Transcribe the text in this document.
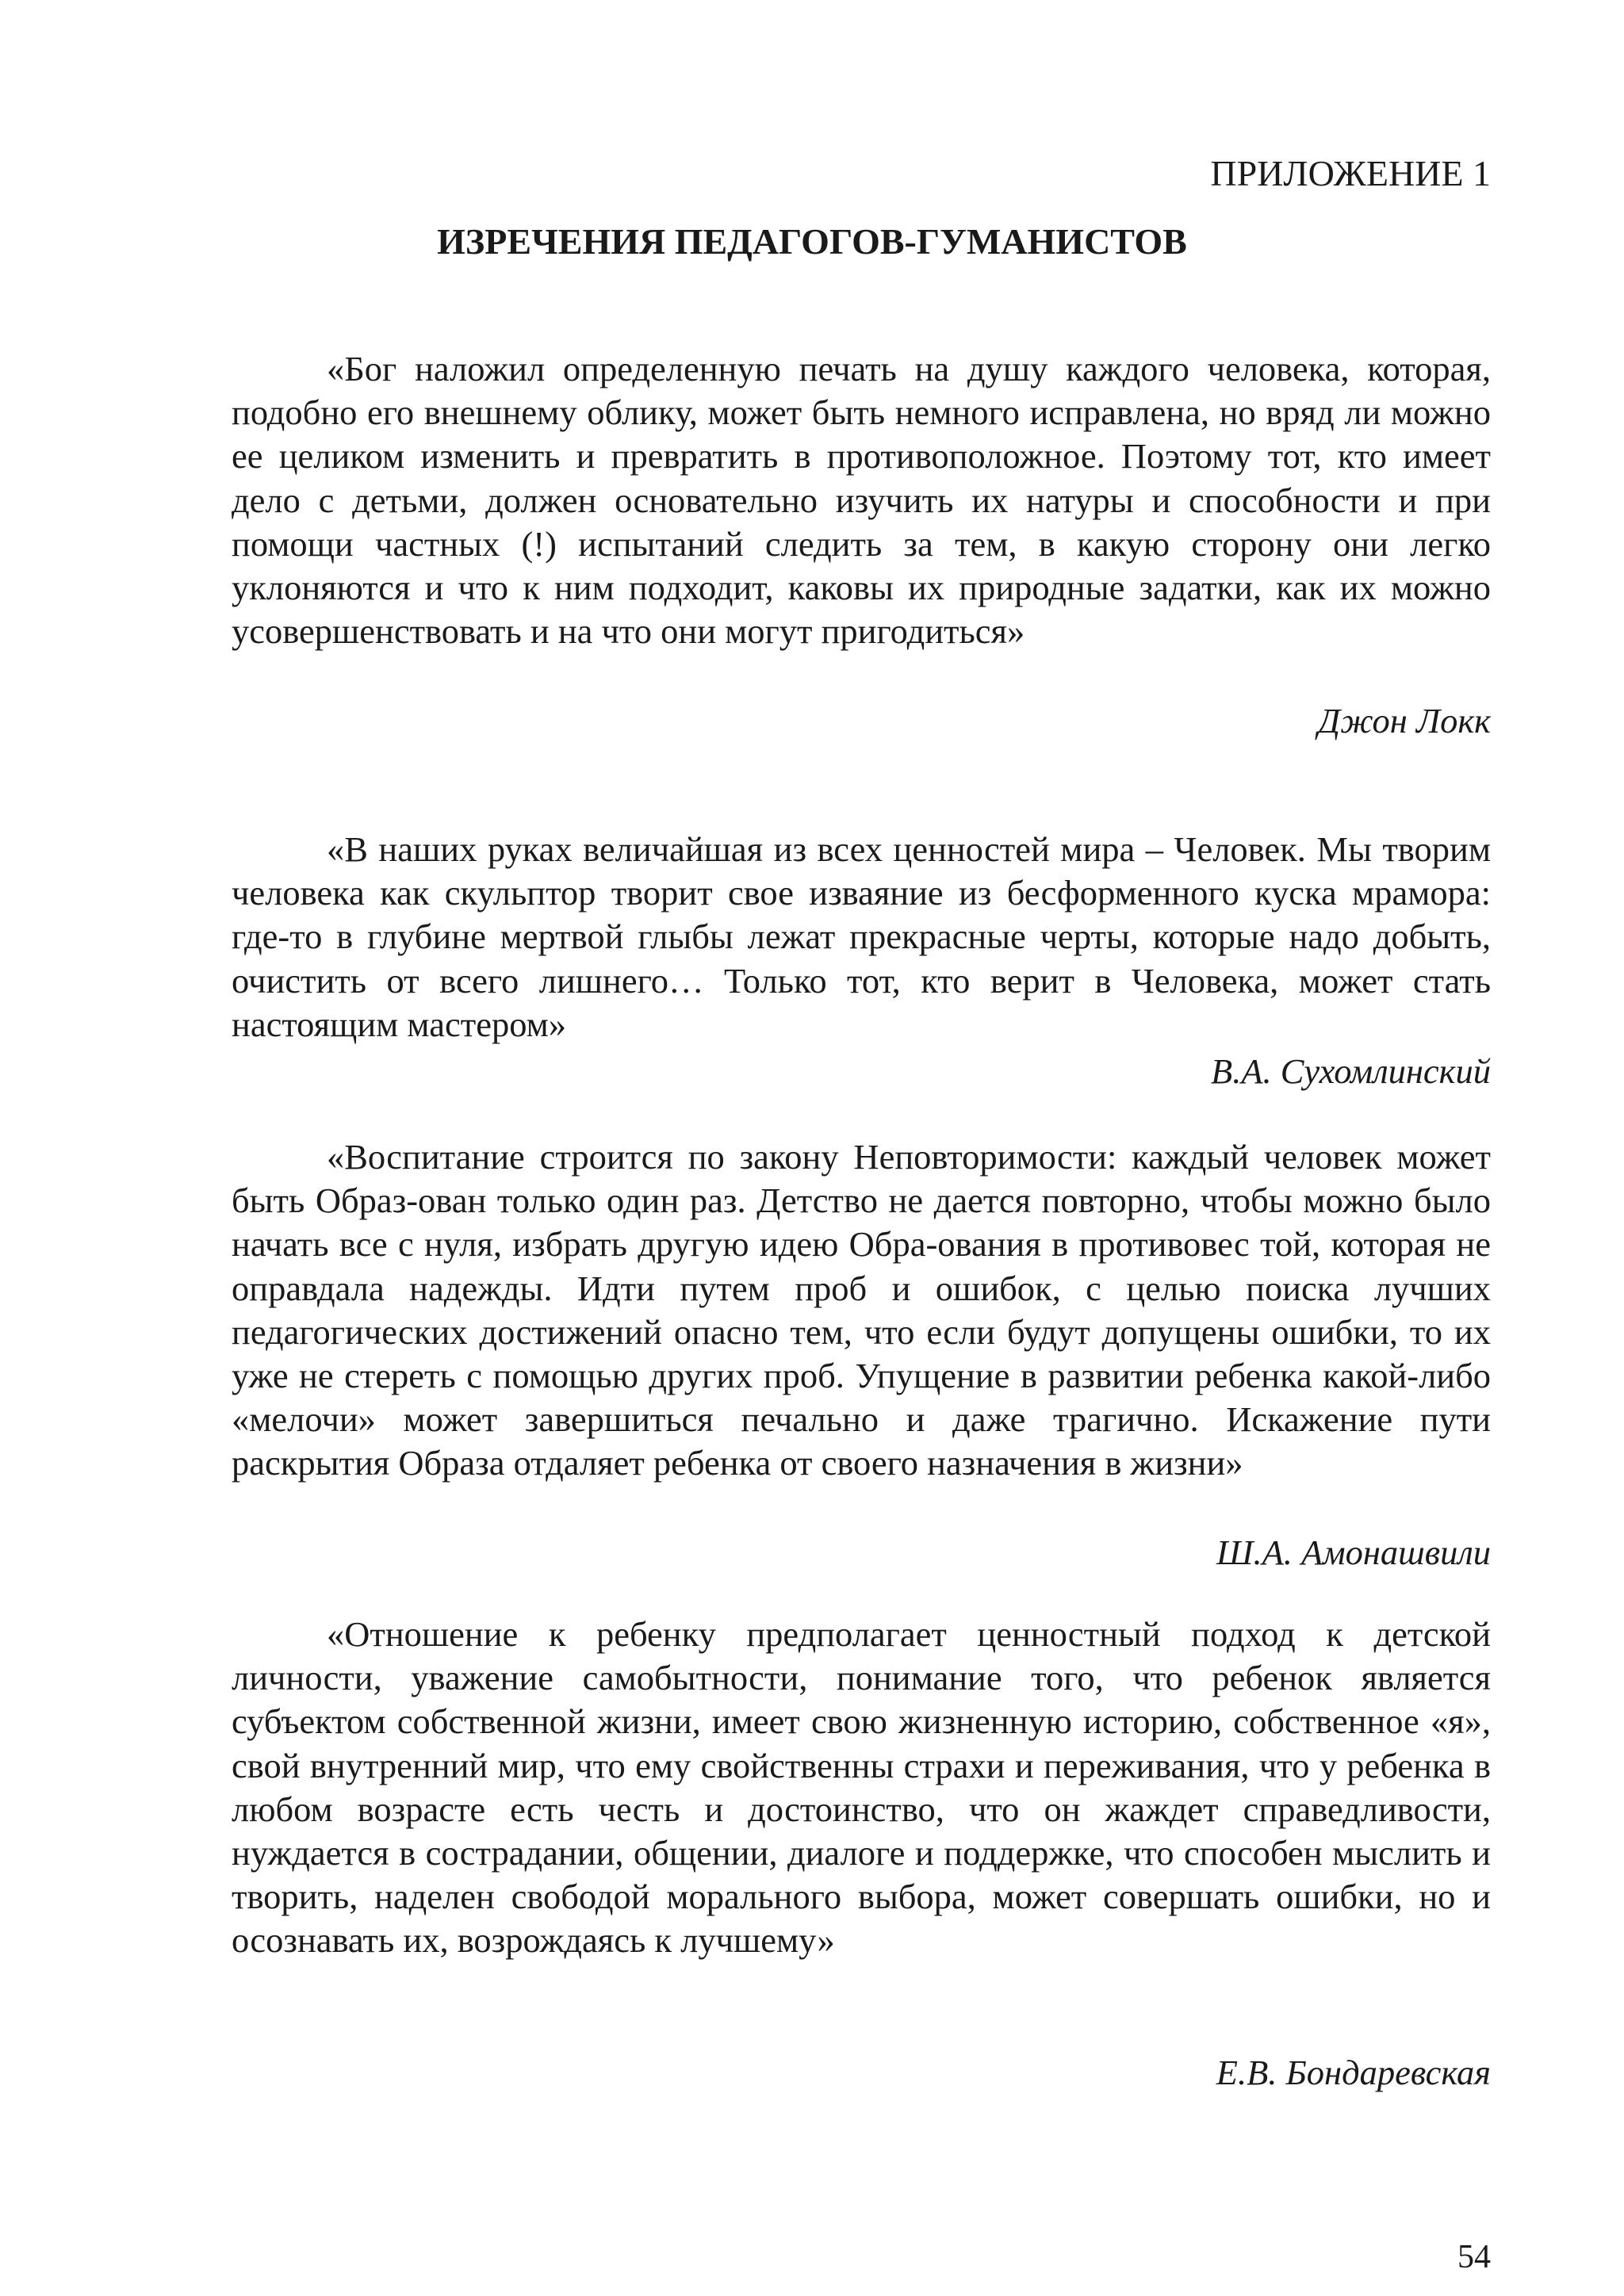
ПРИЛОЖЕНИЕ 1

ИЗРЕЧЕНИЯ ПЕДАГОГОВ-ГУМАНИСТОВ

«Бог наложил определенную печать на душу каждого человека, которая, подобно его внешнему облику, может быть немного исправлена, но вряд ли можно ее целиком изменить и превратить в противоположное. Поэтому тот, кто имеет дело с детьми, должен основательно изучить их натуры и способности и при помощи частных (!) испытаний следить за тем, в какую сторону они легко уклоняются и что к ним подходит, каковы их природные задатки, как их можно усовершенствовать и на что они могут пригодиться»

Джон Локк

«В наших руках величайшая из всех ценностей мира – Человек. Мы творим человека как скульптор творит свое изваяние из бесформенного куска мрамора: где-то в глубине мертвой глыбы лежат прекрасные черты, которые надо добыть, очистить от всего лишнего… Только тот, кто верит в Человека, может стать настоящим мастером»

В.А. Сухомлинский

«Воспитание строится по закону Неповторимости: каждый человек может быть Образ-ован только один раз. Детство не дается повторно, чтобы можно было начать все с нуля, избрать другую идею Обра-ования в противовес той, которая не оправдала надежды. Идти путем проб и ошибок, с целью поиска лучших педагогических достижений опасно тем, что если будут допущены ошибки, то их уже не стереть с помощью других проб. Упущение в развитии ребенка какой-либо «мелочи» может завершиться печально и даже трагично. Искажение пути раскрытия Образа отдаляет ребенка от своего назначения в жизни»

Ш.А. Амонашвили

«Отношение к ребенку предполагает ценностный подход к детской личности, уважение самобытности, понимание того, что ребенок является субъектом собственной жизни, имеет свою жизненную историю, собственное «я», свой внутренний мир, что ему свойственны страхи и переживания, что у ребенка в любом возрасте есть честь и достоинство, что он жаждет справедливости, нуждается в сострадании, общении, диалоге и поддержке, что способен мыслить и творить, наделен свободой морального выбора, может совершать ошибки, но и осознавать их, возрождаясь к лучшему»

Е.В. Бондаревская

54
